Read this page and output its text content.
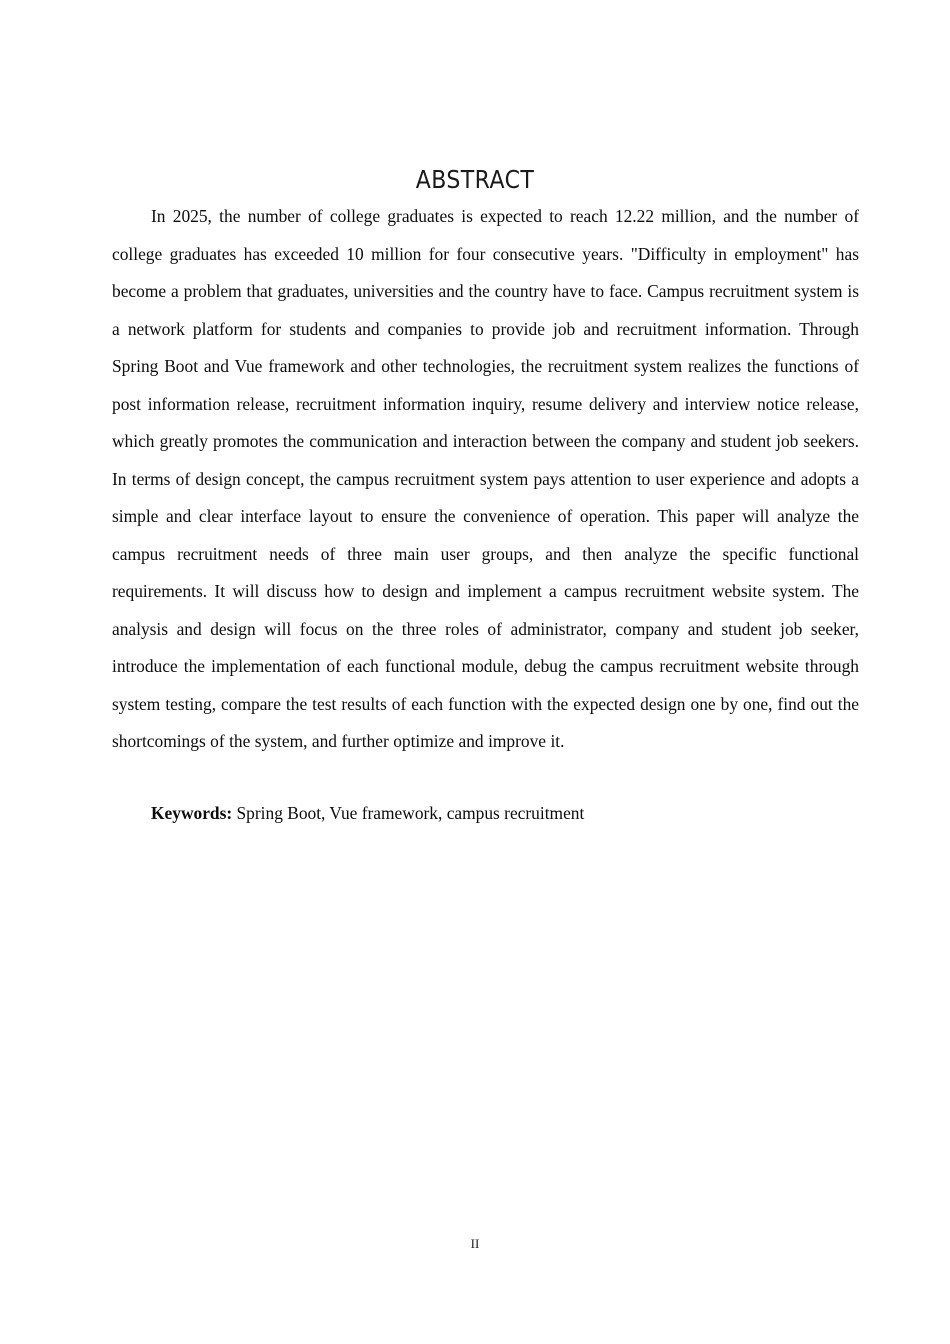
ABSTRACT

In 2025, the number of college graduates is expected to reach 12.22 million, and the number of college graduates has exceeded 10 million for four consecutive years. "Difficulty in employment" has become a problem that graduates, universities and the country have to face. Campus recruitment system is a network platform for students and companies to provide job and recruitment information. Through Spring Boot and Vue framework and other technologies, the recruitment system realizes the functions of post information release, recruitment information inquiry, resume delivery and interview notice release, which greatly promotes the communication and interaction between the company and student job seekers. In terms of design concept, the campus recruitment system pays attention to user experience and adopts a simple and clear interface layout to ensure the convenience of operation. This paper will analyze the campus recruitment needs of three main user groups, and then analyze the specific functional requirements. It will discuss how to design and implement a campus recruitment website system. The analysis and design will focus on the three roles of administrator, company and student job seeker, introduce the implementation of each functional module, debug the campus recruitment website through system testing, compare the test results of each function with the expected design one by one, find out the shortcomings of the system, and further optimize and improve it.

Keywords: Spring Boot, Vue framework, campus recruitment
II
